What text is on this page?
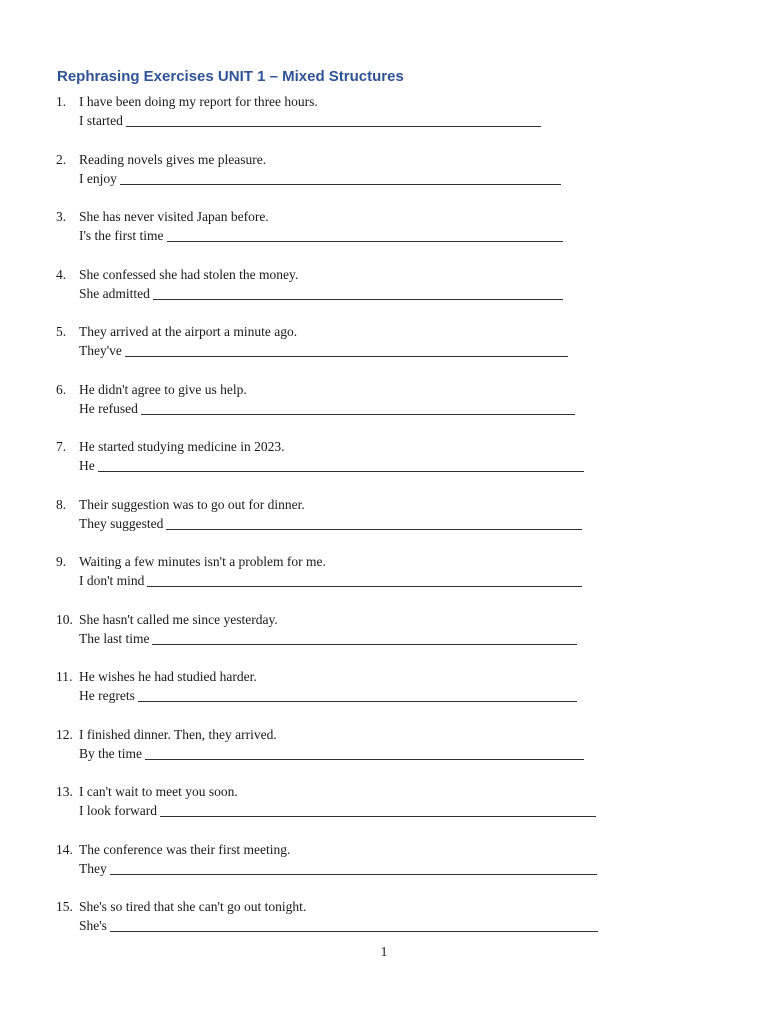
Rephrasing Exercises UNIT 1 – Mixed Structures
1. I have been doing my report for three hours.
I started
2. Reading novels gives me pleasure.
I enjoy
3. She has never visited Japan before.
I's the first time
4. She confessed she had stolen the money.
She admitted
5. They arrived at the airport a minute ago.
They've
6. He didn't agree to give us help.
He refused
7. He started studying medicine in 2023.
He
8. Their suggestion was to go out for dinner.
They suggested
9. Waiting a few minutes isn't a problem for me.
I don't mind
10. She hasn't called me since yesterday.
The last time
11. He wishes he had studied harder.
He regrets
12. I finished dinner. Then, they arrived.
By the time
13. I can't wait to meet you soon.
I look forward
14. The conference was their first meeting.
They
15. She's so tired that she can't go out tonight.
She's
1
